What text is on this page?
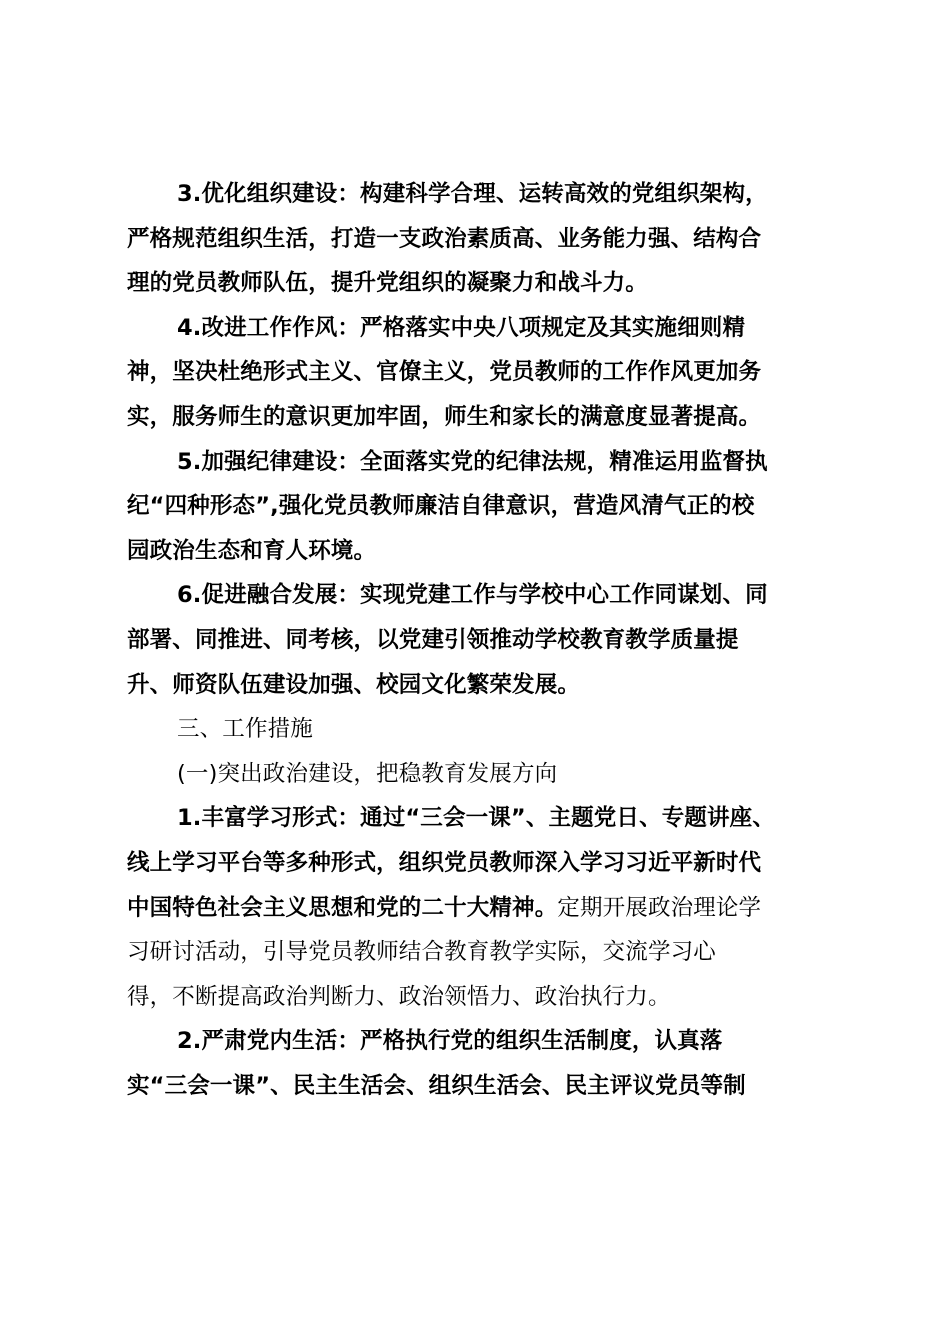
3.优化组织建设：构建科学合理、运转高效的党组织架构，
严格规范组织生活，打造一支政治素质高、业务能力强、结构合
理的党员教师队伍，提升党组织的凝聚力和战斗力。
4.改进工作作风：严格落实中央八项规定及其实施细则精
神，坚决杜绝形式主义、官僚主义，党员教师的工作作风更加务
实，服务师生的意识更加牢固，师生和家长的满意度显著提高。
5.加强纪律建设：全面落实党的纪律法规，精准运用监督执
纪“四种形态”,强化党员教师廉洁自律意识，营造风清气正的校
园政治生态和育人环境。
6.促进融合发展：实现党建工作与学校中心工作同谋划、同
部署、同推进、同考核，以党建引领推动学校教育教学质量提
升、师资队伍建设加强、校园文化繁荣发展。
三、工作措施
(一)突出政治建设，把稳教育发展方向
1.丰富学习形式：通过“三会一课”、主题党日、专题讲座、
线上学习平台等多种形式，组织党员教师深入学习习近平新时代
中国特色社会主义思想和党的二十大精神。定期开展政治理论学
习研讨活动，引导党员教师结合教育教学实际，交流学习心
得，不断提高政治判断力、政治领悟力、政治执行力。
2.严肃党内生活：严格执行党的组织生活制度，认真落
实“三会一课”、民主生活会、组织生活会、民主评议党员等制
